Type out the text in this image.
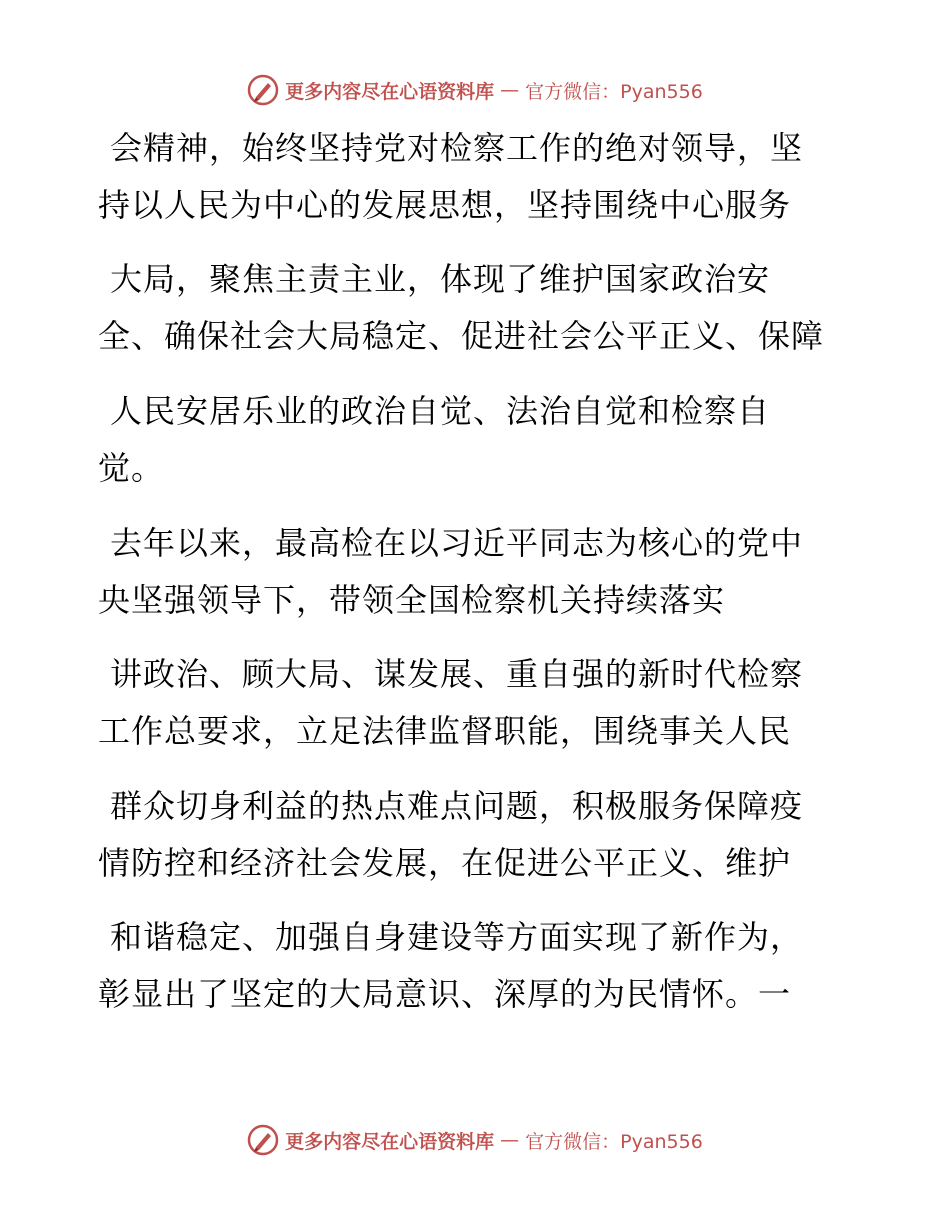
更多内容尽在心语资料库 — 官方微信：Pyan556
会精神，始终坚持党对检察工作的绝对领导，坚
持以人民为中心的发展思想，坚持围绕中心服务
大局，聚焦主责主业，体现了维护国家政治安
全、确保社会大局稳定、促进社会公平正义、保障
人民安居乐业的政治自觉、法治自觉和检察自
觉。
去年以来，最高检在以习近平同志为核心的党中
央坚强领导下，带领全国检察机关持续落实
讲政治、顾大局、谋发展、重自强的新时代检察
工作总要求，立足法律监督职能，围绕事关人民
群众切身利益的热点难点问题，积极服务保障疫
情防控和经济社会发展，在促进公平正义、维护
和谐稳定、加强自身建设等方面实现了新作为，
彰显出了坚定的大局意识、深厚的为民情怀。一
更多内容尽在心语资料库 — 官方微信：Pyan556
